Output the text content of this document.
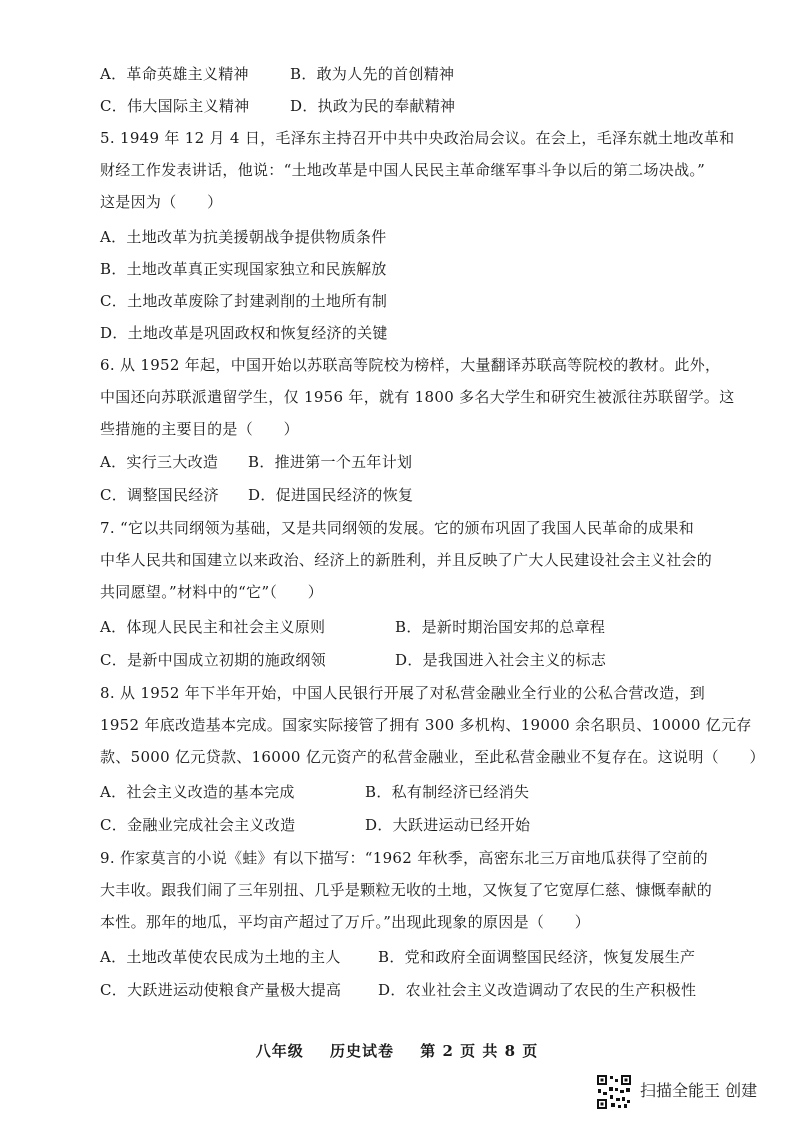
A．革命英雄主义精神	B．敢为人先的首创精神
C．伟大国际主义精神	D．执政为民的奉献精神
5. 1949 年 12 月 4 日，毛泽东主持召开中共中央政治局会议。在会上，毛泽东就土地改革和
财经工作发表讲话，他说：“土地改革是中国人民民主革命继军事斗争以后的第二场决战。”
这是因为（　　）
A．土地改革为抗美援朝战争提供物质条件
B．土地改革真正实现国家独立和民族解放
C．土地改革废除了封建剥削的土地所有制
D．土地改革是巩固政权和恢复经济的关键
6. 从 1952 年起，中国开始以苏联高等院校为榜样，大量翻译苏联高等院校的教材。此外，
中国还向苏联派遣留学生，仅 1956 年，就有 1800 多名大学生和研究生被派往苏联留学。这
些措施的主要目的是（　　）
A．实行三大改造 B．推进第一个五年计划
C．调整国民经济 D．促进国民经济的恢复
7. “它以共同纲领为基础，又是共同纲领的发展。它的颁布巩固了我国人民革命的成果和
中华人民共和国建立以来政治、经济上的新胜利，并且反映了广大人民建设社会主义社会的
共同愿望。”材料中的“它”（　　）
A．体现人民民主和社会主义原则	B．是新时期治国安邦的总章程
C．是新中国成立初期的施政纲领	D．是我国进入社会主义的标志
8. 从 1952 年下半年开始，中国人民银行开展了对私营金融业全行业的公私合营改造，到
1952 年底改造基本完成。国家实际接管了拥有 300 多机构、19000 余名职员、10000 亿元存
款、5000 亿元贷款、16000 亿元资产的私营金融业，至此私营金融业不复存在。这说明（　　）
A．社会主义改造的基本完成	B．私有制经济已经消失
C．金融业完成社会主义改造	D．大跃进运动已经开始
9. 作家莫言的小说《蛙》有以下描写：“1962 年秋季，高密东北三万亩地瓜获得了空前的
大丰收。跟我们闹了三年别扭、几乎是颗粒无收的土地，又恢复了它宽厚仁慈、慷慨奉献的
本性。那年的地瓜，平均亩产超过了万斤。”出现此现象的原因是（　　）
A．土地改革使农民成为土地的主人 B．党和政府全面调整国民经济，恢复发展生产
C．大跃进运动使粮食产量极大提高 D．农业社会主义改造调动了农民的生产积极性
八年级 历史试卷 第 2 页 共 8 页
扫描全能王 创建
